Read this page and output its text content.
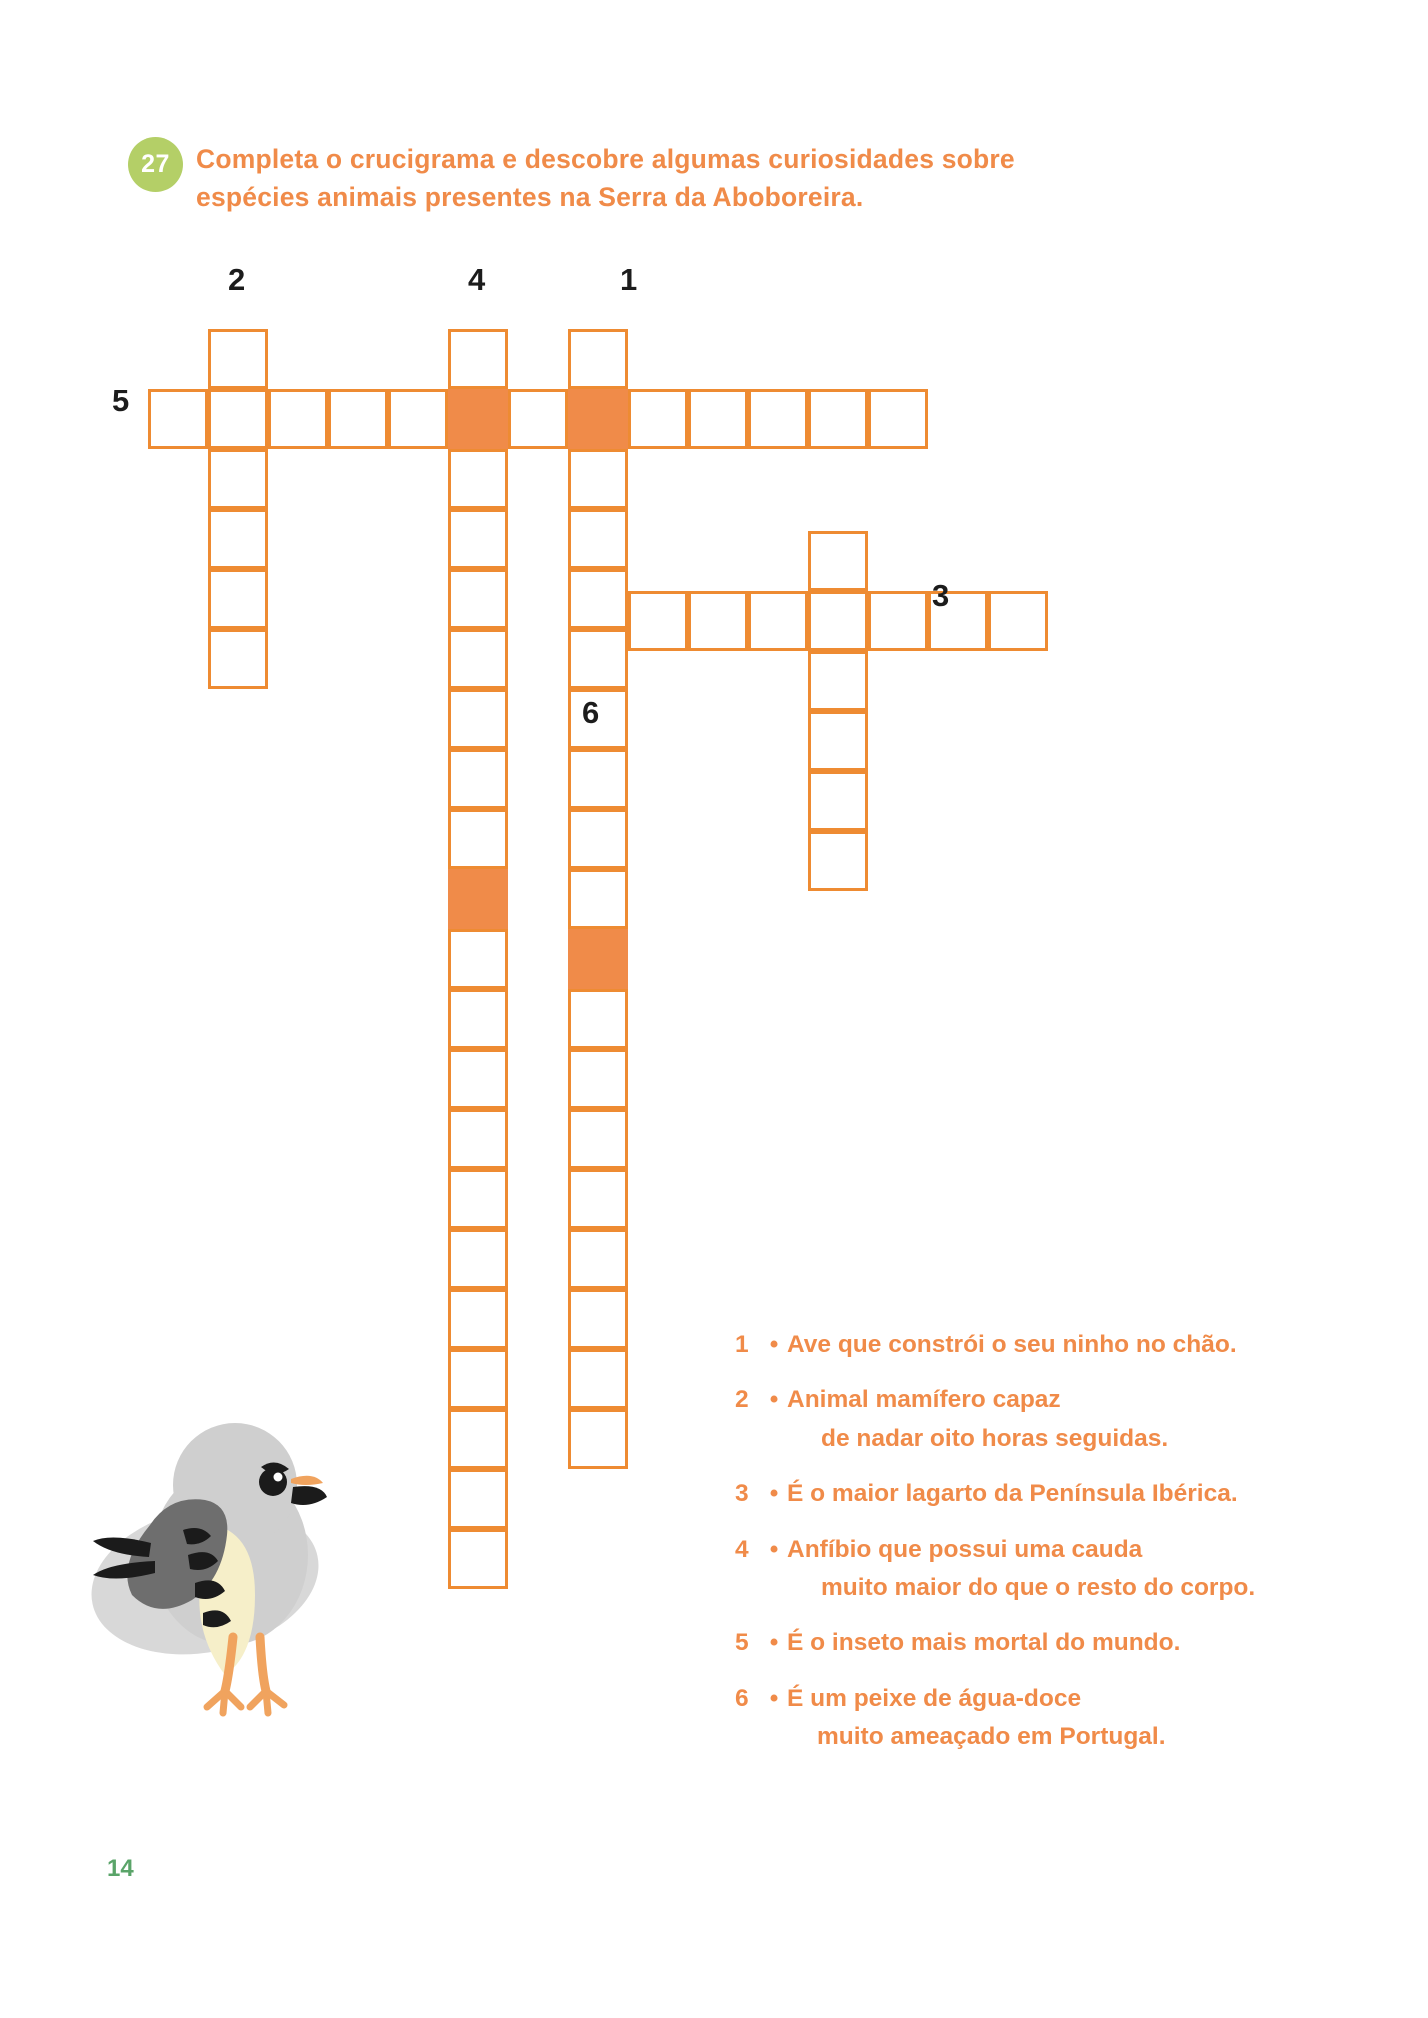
27 Completa o crucigrama e descobre algumas curiosidades sobre espécies animais presentes na Serra da Aboboreira.
2	4	1
5
3
6
1 • Ave que constrói o seu ninho no chão.
2 • Animal mamífero capaz
de nadar oito horas seguidas.
3 • É o maior lagarto da Península Ibérica.
4 • Anfíbio que possui uma cauda
muito maior do que o resto do corpo.
5 • É o inseto mais mortal do mundo.
6 • É um peixe de água-doce
muito ameaçado em Portugal.
14
